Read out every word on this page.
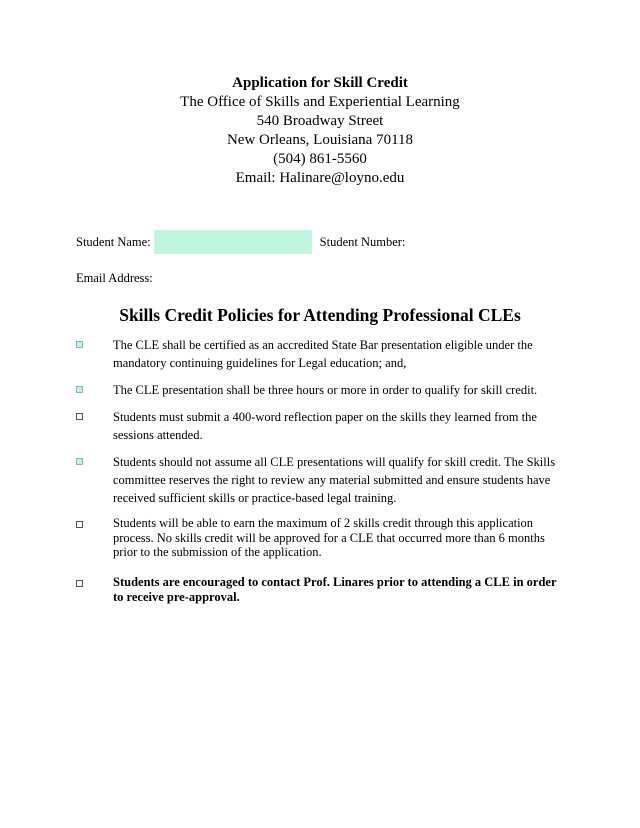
Application for Skill Credit
The Office of Skills and Experiential Learning
540 Broadway Street
New Orleans, Louisiana 70118
(504) 861-5560
Email: Halinare@loyno.edu
Student Name:	Student Number:
Email Address:
Skills Credit Policies for Attending Professional CLEs
The CLE shall be certified as an accredited State Bar presentation eligible under the mandatory continuing guidelines for Legal education; and,
The CLE presentation shall be three hours or more in order to qualify for skill credit.
Students must submit a 400-word reflection paper on the skills they learned from the sessions attended.
Students should not assume all CLE presentations will qualify for skill credit. The Skills committee reserves the right to review any material submitted and ensure students have received sufficient skills or practice-based legal training.
Students will be able to earn the maximum of 2 skills credit through this application process. No skills credit will be approved for a CLE that occurred more than 6 months prior to the submission of the application.
Students are encouraged to contact Prof. Linares prior to attending a CLE in order to receive pre-approval.
